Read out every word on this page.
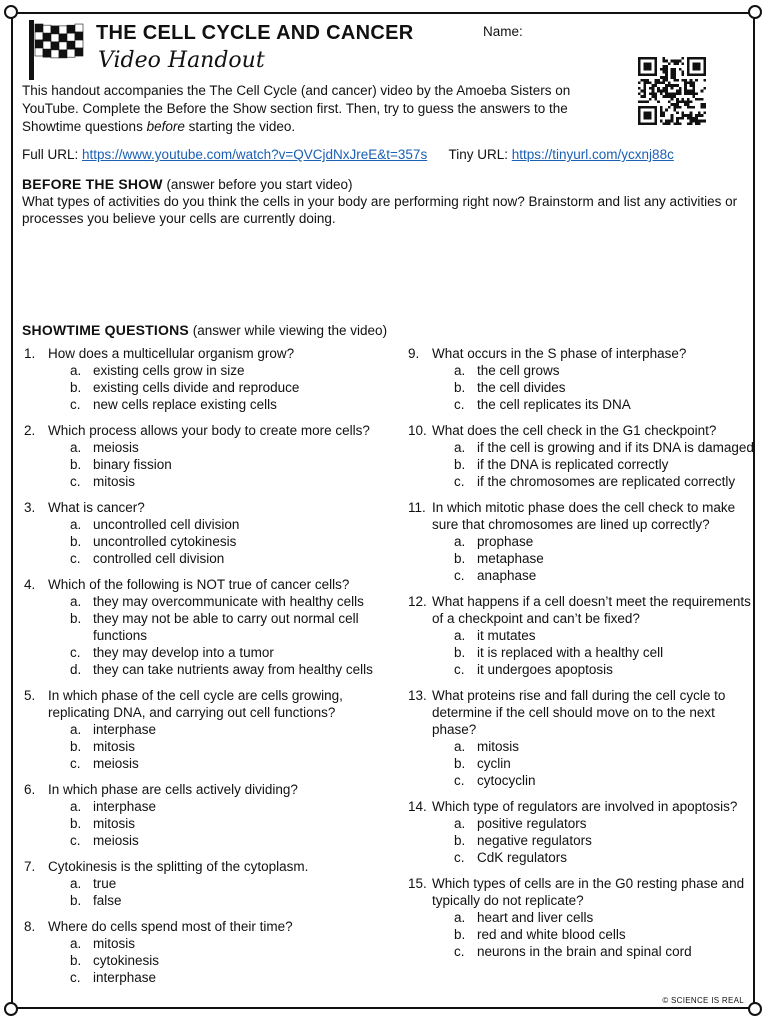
THE CELL CYCLE AND CANCER
Video Handout
Name:
This handout accompanies the The Cell Cycle (and cancer) video by the Amoeba Sisters on YouTube. Complete the Before the Show section first. Then, try to guess the answers to the Showtime questions before starting the video.
Full URL: https://www.youtube.com/watch?v=QVCjdNxJreE&t=357s Tiny URL: https://tinyurl.com/ycxnj88c
BEFORE THE SHOW (answer before you start video)
What types of activities do you think the cells in your body are performing right now? Brainstorm and list any activities or processes you believe your cells are currently doing.
SHOWTIME QUESTIONS (answer while viewing the video)
1. How does a multicellular organism grow?
a. existing cells grow in size
b. existing cells divide and reproduce
c. new cells replace existing cells
2. Which process allows your body to create more cells?
a. meiosis
b. binary fission
c. mitosis
3. What is cancer?
a. uncontrolled cell division
b. uncontrolled cytokinesis
c. controlled cell division
4. Which of the following is NOT true of cancer cells?
a. they may overcommunicate with healthy cells
b. they may not be able to carry out normal cell functions
c. they may develop into a tumor
d. they can take nutrients away from healthy cells
5. In which phase of the cell cycle are cells growing, replicating DNA, and carrying out cell functions?
a. interphase
b. mitosis
c. meiosis
6. In which phase are cells actively dividing?
a. interphase
b. mitosis
c. meiosis
7. Cytokinesis is the splitting of the cytoplasm.
a. true
b. false
8. Where do cells spend most of their time?
a. mitosis
b. cytokinesis
c. interphase
9. What occurs in the S phase of interphase?
a. the cell grows
b. the cell divides
c. the cell replicates its DNA
10. What does the cell check in the G1 checkpoint?
a. if the cell is growing and if its DNA is damaged
b. if the DNA is replicated correctly
c. if the chromosomes are replicated correctly
11. In which mitotic phase does the cell check to make sure that chromosomes are lined up correctly?
a. prophase
b. metaphase
c. anaphase
12. What happens if a cell doesn’t meet the requirements of a checkpoint and can’t be fixed?
a. it mutates
b. it is replaced with a healthy cell
c. it undergoes apoptosis
13. What proteins rise and fall during the cell cycle to determine if the cell should move on to the next phase?
a. mitosis
b. cyclin
c. cytocyclin
14. Which type of regulators are involved in apoptosis?
a. positive regulators
b. negative regulators
c. CdK regulators
15. Which types of cells are in the G0 resting phase and typically do not replicate?
a. heart and liver cells
b. red and white blood cells
c. neurons in the brain and spinal cord
© SCIENCE IS REAL
